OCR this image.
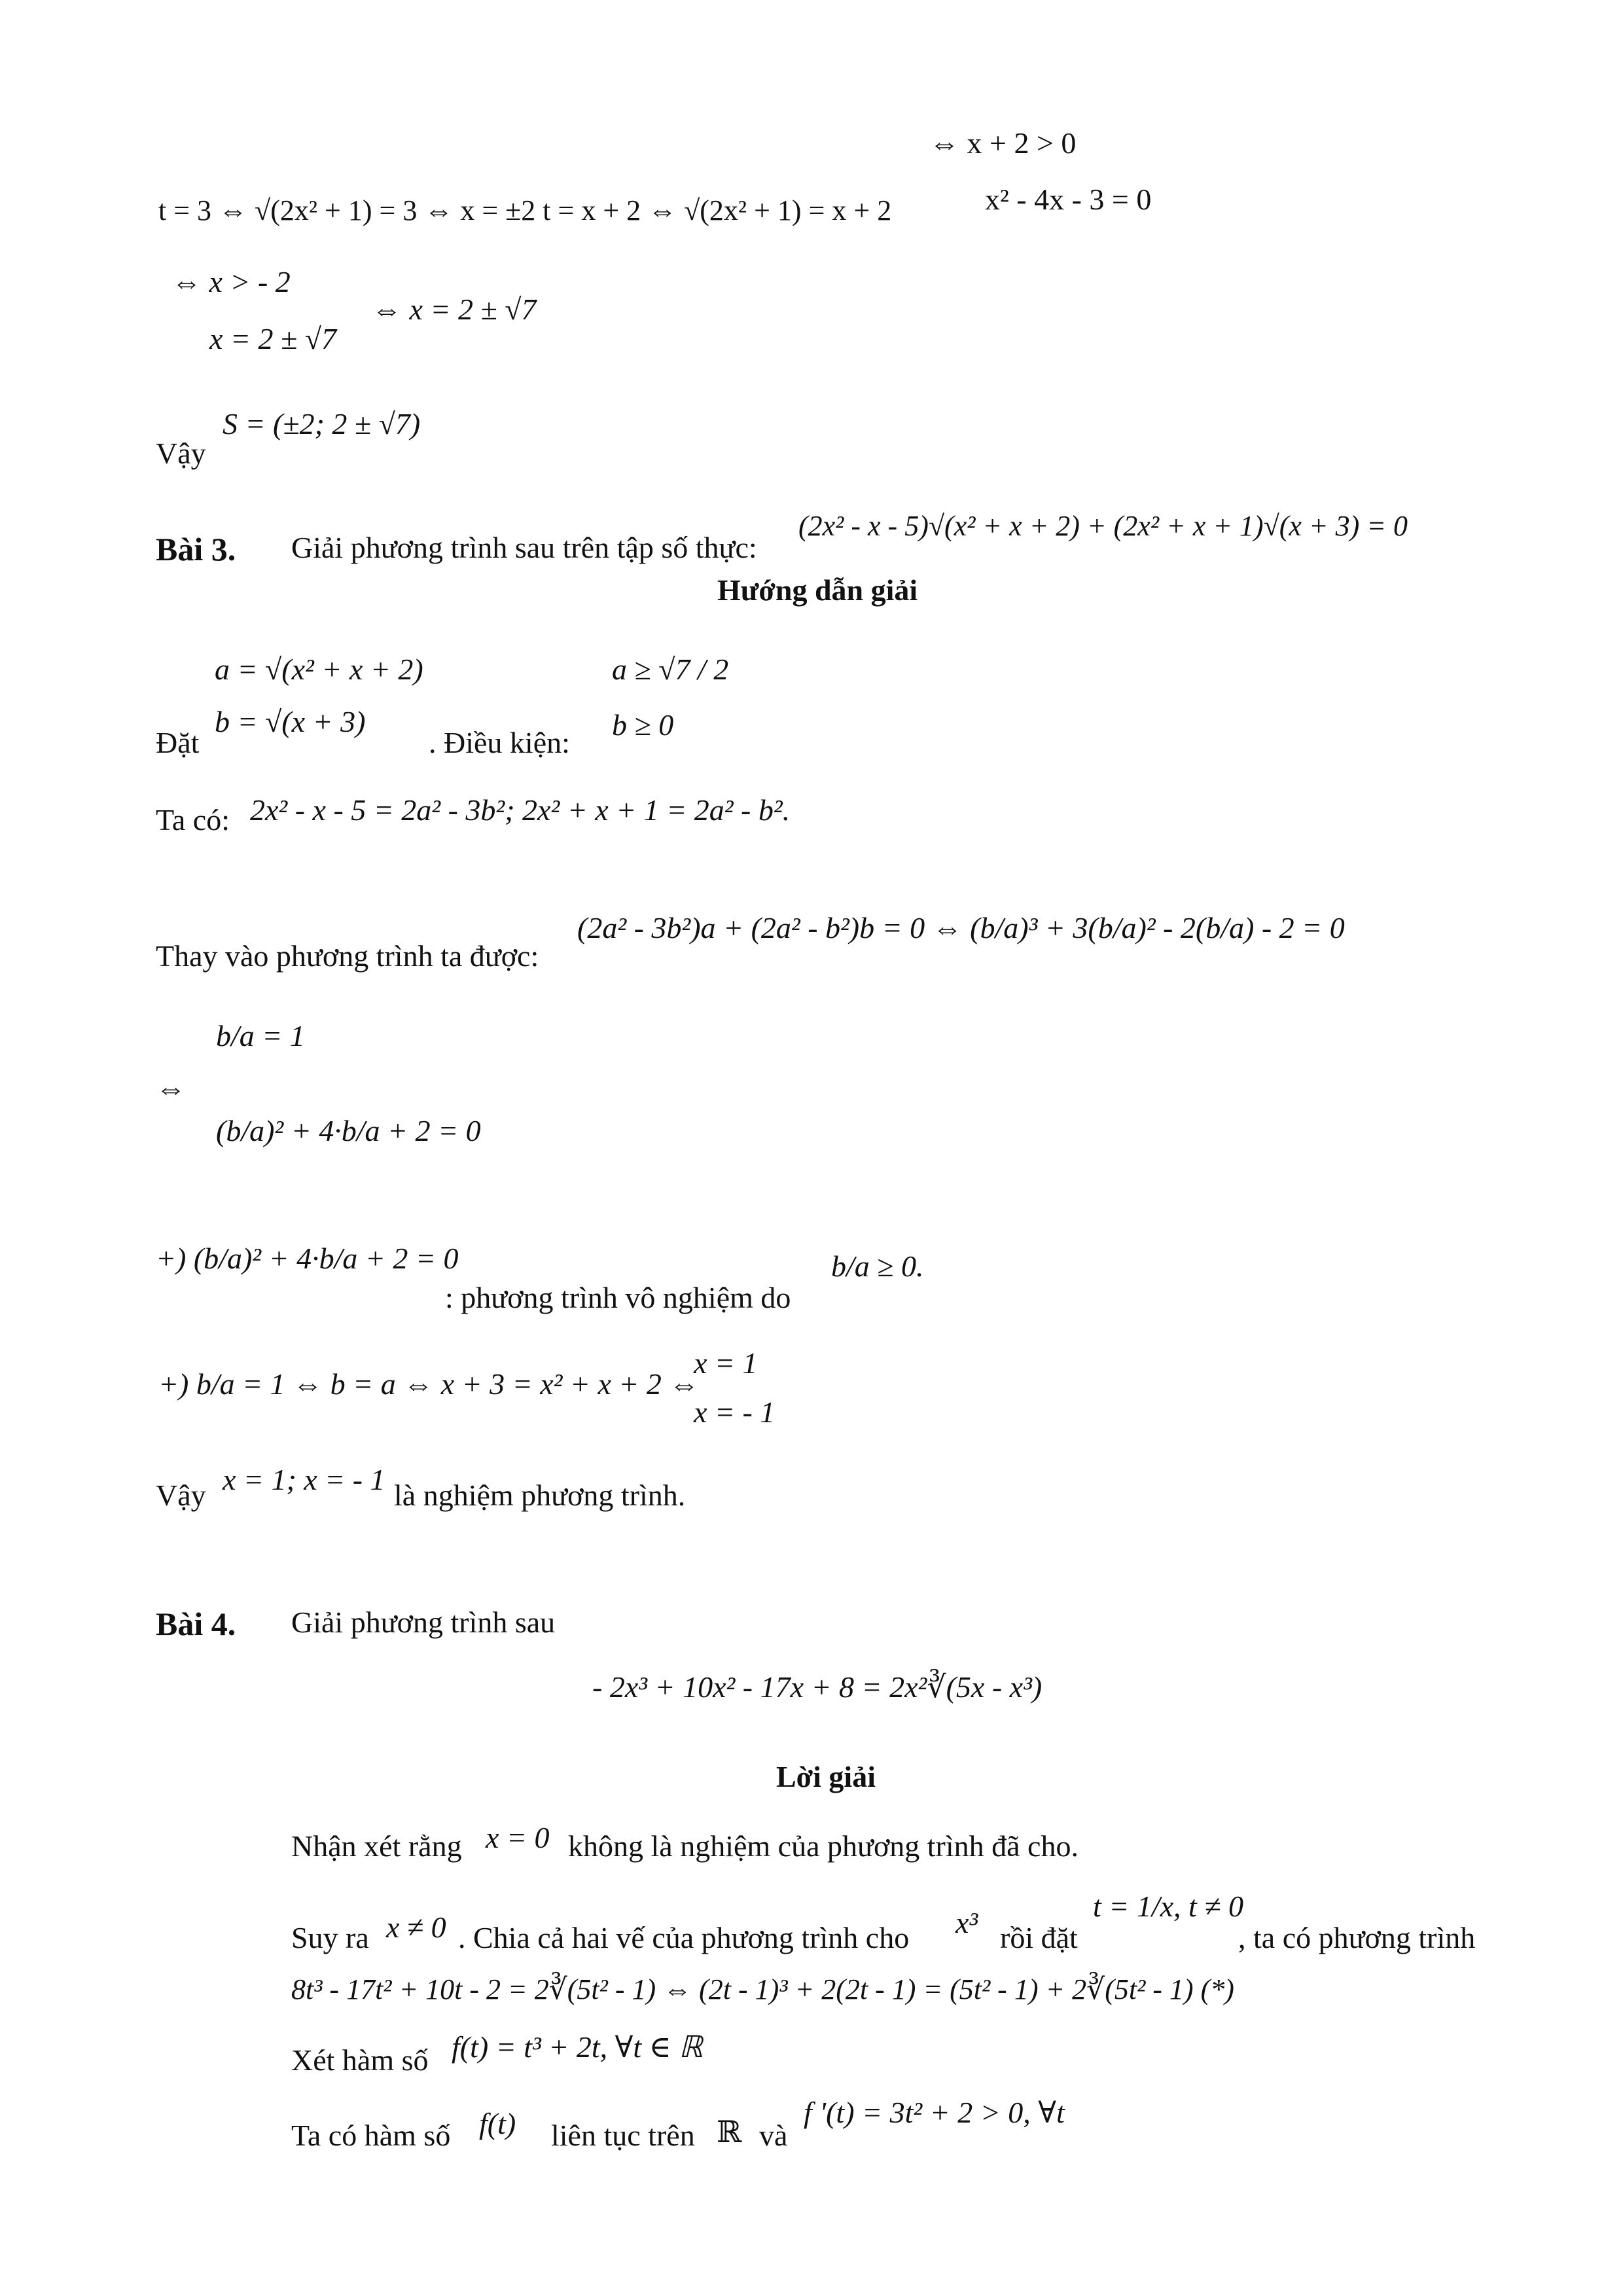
t = 3 ⇔ √(2x² + 1) = 3 ⇔ x = ±2 t = x + 2 ⇔ √(2x² + 1) = x + 2
⇔ x + 2 > 0
x² - 4x - 3 = 0
⇔ x > - 2
x = 2 ± √7
⇔ x = 2 ± √7
Vậy
S = (±2; 2 ± √7)
Bài 3. Giải phương trình sau trên tập số thực:
(2x² - x - 5)√(x² + x + 2) + (2x² + x + 1)√(x + 3) = 0
Hướng dẫn giải
Đặt
a = √(x² + x + 2)
b = √(x + 3)
. Điều kiện:
a ≥ √7 / 2
b ≥ 0
Ta có: 2x² - x - 5 = 2a² - 3b²; 2x² + x + 1 = 2a² - b².
Thay vào phương trình ta được:
(2a² - 3b²)a + (2a² - b²)b = 0 ⇔ (b/a)³ + 3(b/a)² - 2(b/a) - 2 = 0
⇔
b/a = 1
(b/a)² + 4·b/a + 2 = 0
+) (b/a)² + 4·b/a + 2 = 0
: phương trình vô nghiệm do
b/a ≥ 0.
+) b/a = 1 ⇔ b = a ⇔ x + 3 = x² + x + 2 ⇔
x = 1
x = - 1
Vậy x = 1; x = - 1 là nghiệm phương trình.
Bài 4. Giải phương trình sau
- 2x³ + 10x² - 17x + 8 = 2x²∛(5x - x³)
Lời giải
Nhận xét rằng x = 0 không là nghiệm của phương trình đã cho.
Suy ra x ≠ 0 . Chia cả hai vế của phương trình cho x³ rồi đặt
t = 1/x, t ≠ 0
, ta có phương trình
8t³ - 17t² + 10t - 2 = 2∛(5t² - 1) ⇔ (2t - 1)³ + 2(2t - 1) = (5t² - 1) + 2∛(5t² - 1) (*)
Xét hàm số f(t) = t³ + 2t, ∀t ∈ ℝ
Ta có hàm số f(t) liên tục trên ℝ và
f '(t) = 3t² + 2 > 0, ∀t
